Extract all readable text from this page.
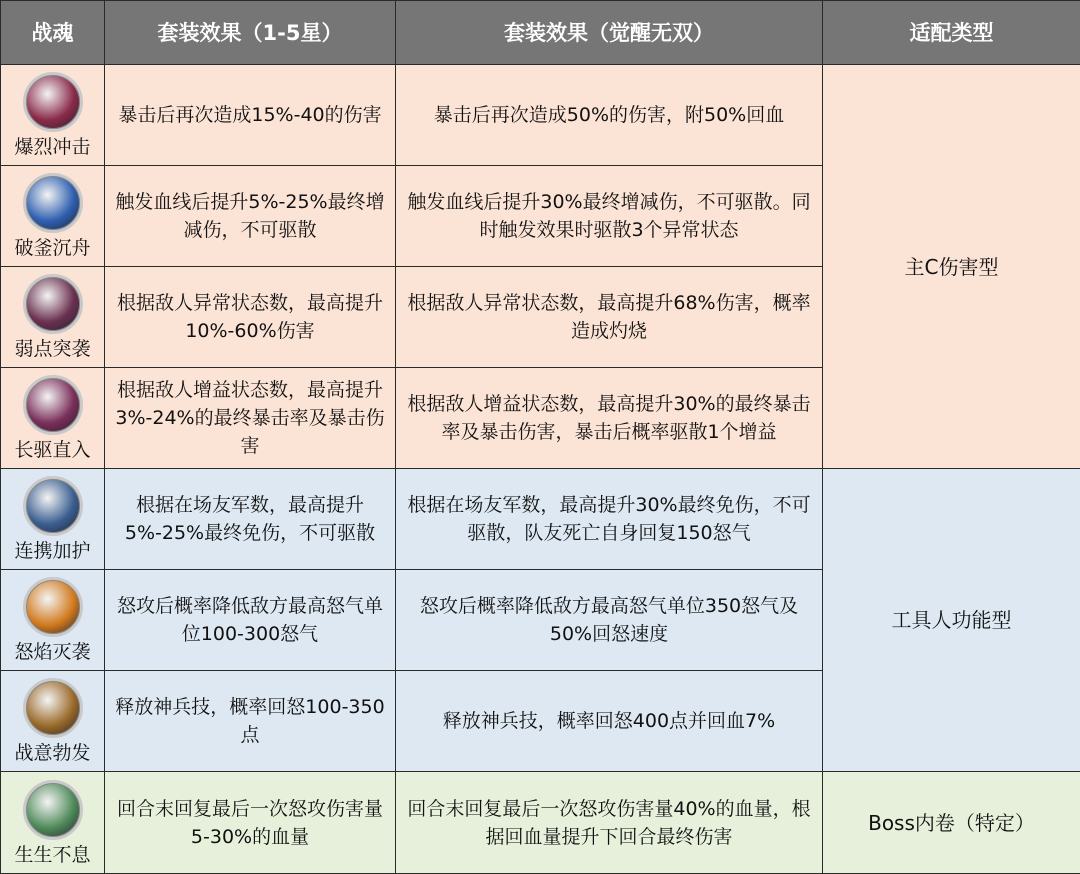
战魂	套装效果（1-5星）	套装效果（觉醒无双）	适配类型

爆烈冲击	暴击后再次造成15%-40的伤害	暴击后再次造成50%的伤害，附50%回血	主C伤害型

破釜沉舟	触发血线后提升5%-25%最终增减伤，不可驱散	触发血线后提升30%最终增减伤，不可驱散。同时触发效果时驱散3个异常状态	

弱点突袭	根据敌人异常状态数，最高提升10%-60%伤害	根据敌人异常状态数，最高提升68%伤害，概率造成灼烧	

长驱直入	根据敌人增益状态数，最高提升3%-24%的最终暴击率及暴击伤害	根据敌人增益状态数，最高提升30%的最终暴击率及暴击伤害，暴击后概率驱散1个增益	

连携加护	根据在场友军数，最高提升5%-25%最终免伤，不可驱散	根据在场友军数，最高提升30%最终免伤，不可驱散，队友死亡自身回复150怒气	工具人功能型

怒焰灭袭	怒攻后概率降低敌方最高怒气单位100-300怒气	怒攻后概率降低敌方最高怒气单位350怒气及50%回怒速度	

战意勃发	释放神兵技，概率回怒100-350点	释放神兵技，概率回怒400点并回血7%	

生生不息	回合末回复最后一次怒攻伤害量5-30%的血量	回合末回复最后一次怒攻伤害量40%的血量，根据回血量提升下回合最终伤害	Boss内卷（特定）
